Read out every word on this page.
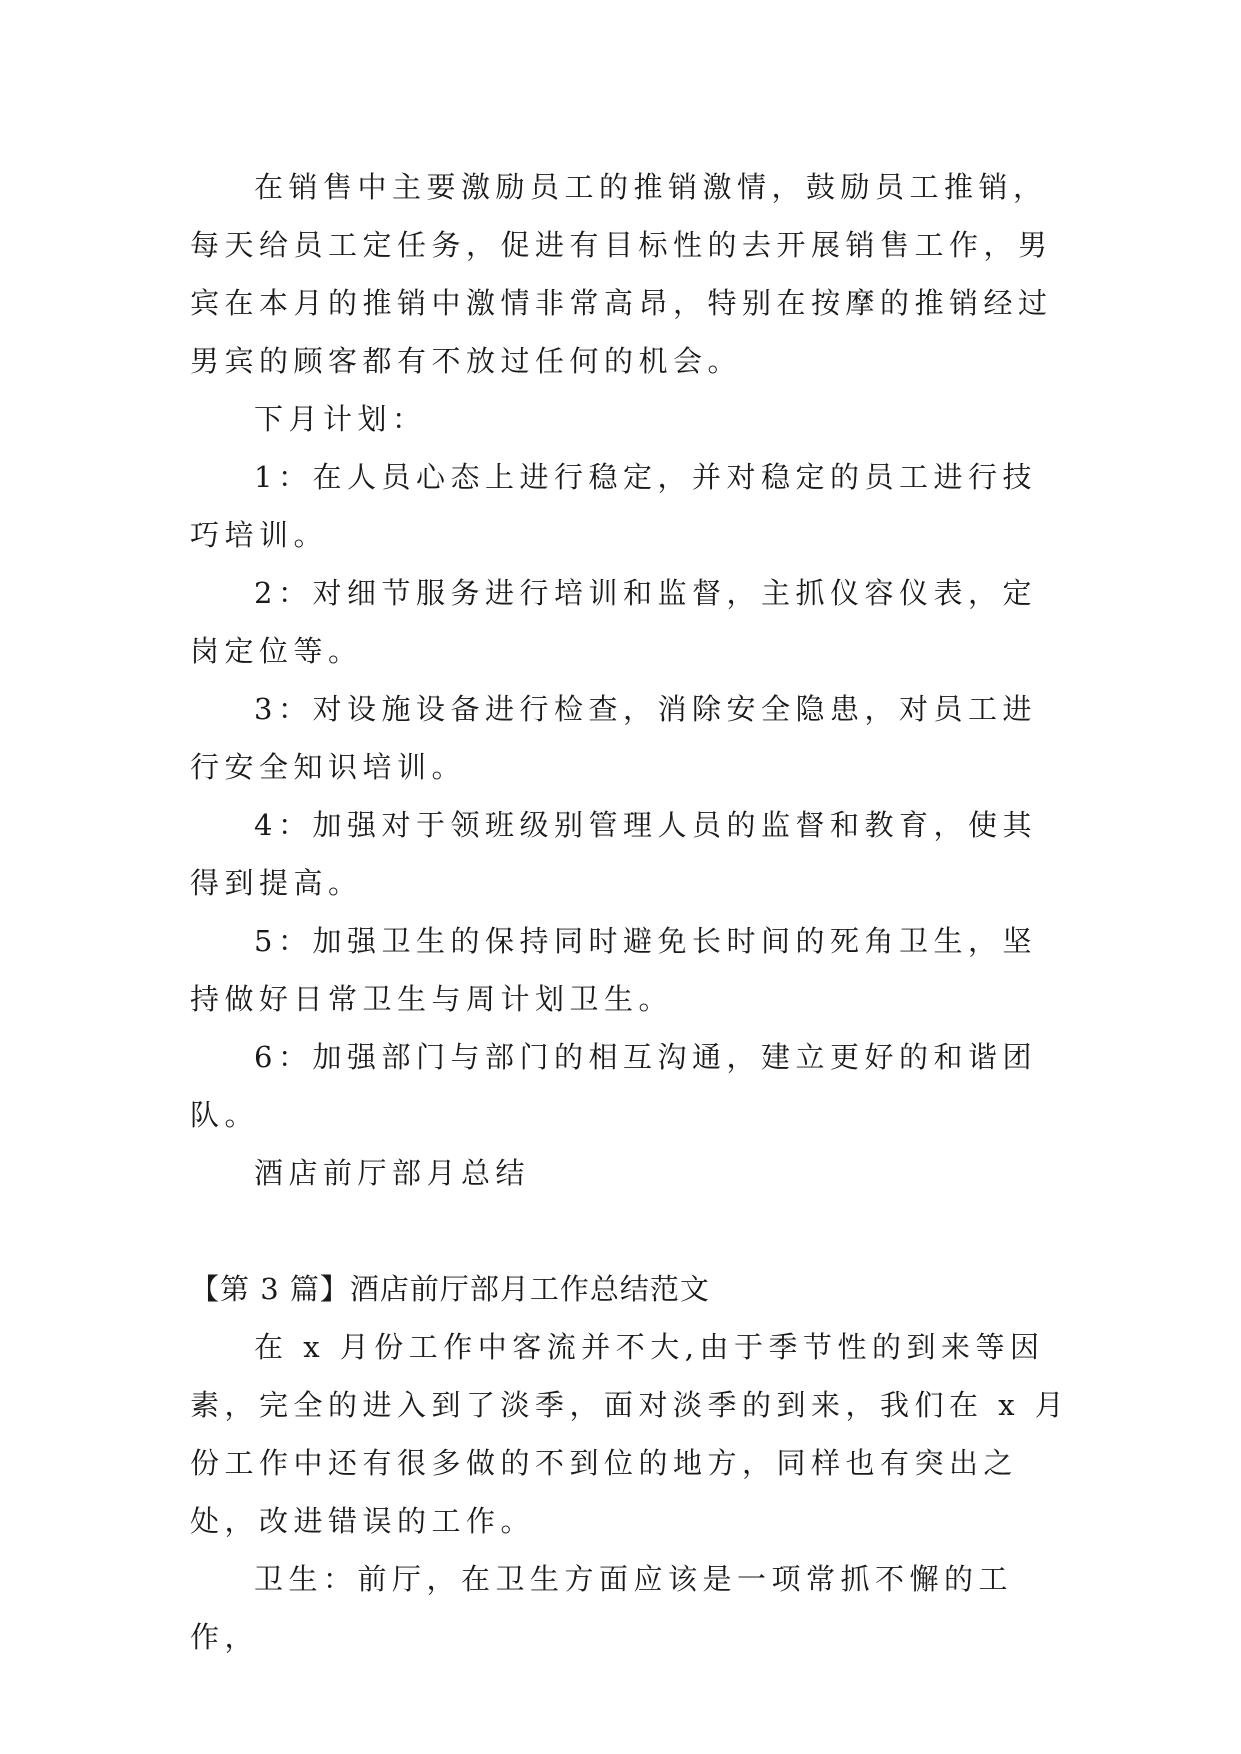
在销售中主要激励员工的推销激情，鼓励员工推销，每天给员工定任务，促进有目标性的去开展销售工作，男宾在本月的推销中激情非常高昂，特别在按摩的推销经过男宾的顾客都有不放过任何的机会。

下月计划：

1：在人员心态上进行稳定，并对稳定的员工进行技巧培训。

2：对细节服务进行培训和监督，主抓仪容仪表，定岗定位等。

3：对设施设备进行检查，消除安全隐患，对员工进行安全知识培训。

4：加强对于领班级别管理人员的监督和教育，使其得到提高。

5：加强卫生的保持同时避免长时间的死角卫生，坚持做好日常卫生与周计划卫生。

6：加强部门与部门的相互沟通，建立更好的和谐团队。

酒店前厅部月总结

【第 3 篇】酒店前厅部月工作总结范文

在 x 月份工作中客流并不大,由于季节性的到来等因素，完全的进入到了淡季，面对淡季的到来，我们在 x 月份工作中还有很多做的不到位的地方，同样也有突出之处，改进错误的工作。

卫生：前厅，在卫生方面应该是一项常抓不懈的工作，
